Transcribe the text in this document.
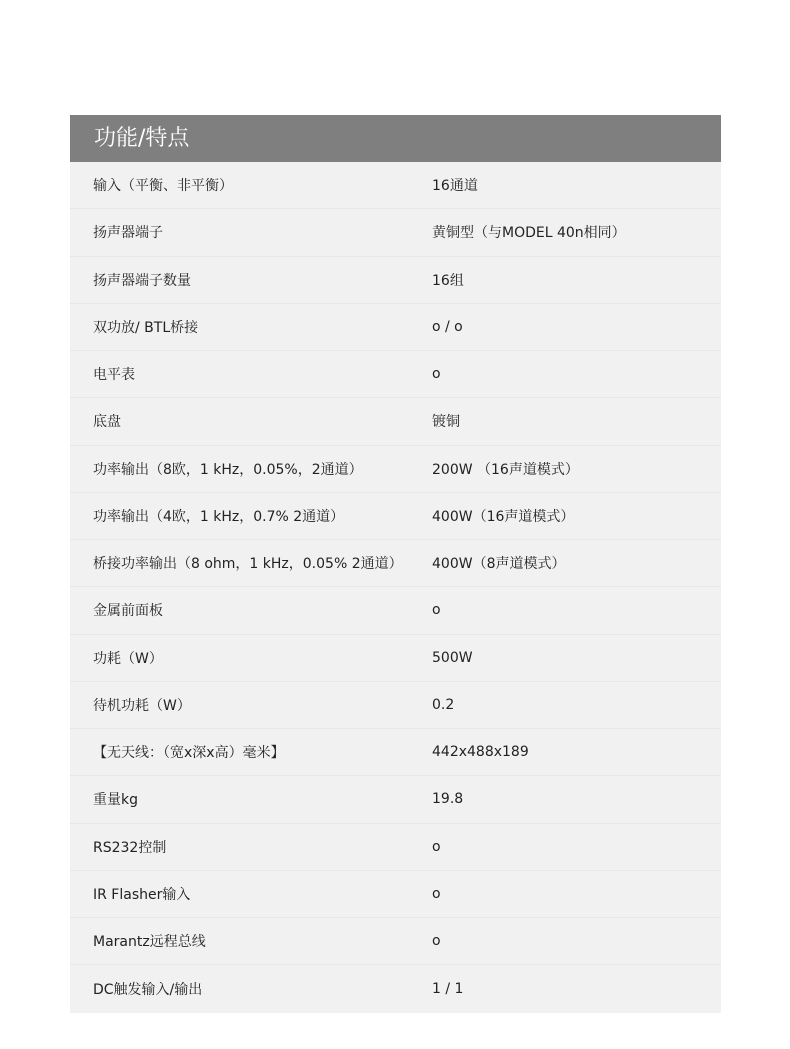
功能/特点
输入（平衡、非平衡）	16通道
扬声器端子	黄铜型（与MODEL 40n相同）
扬声器端子数量	16组
双功放/ BTL桥接	o / o
电平表	o
底盘	镀铜
功率输出（8欧，1 kHz，0.05%，2通道）	200W （16声道模式）
功率输出（4欧，1 kHz，0.7% 2通道）	400W（16声道模式）
桥接功率输出（8 ohm，1 kHz，0.05% 2通道）	400W（8声道模式）
金属前面板	o
功耗（W）	500W
待机功耗（W）	0.2
【无天线：（宽x深x高）毫米】	442x488x189
重量kg	19.8
RS232控制	o
IR Flasher输入	o
Marantz远程总线	o
DC触发输入/输出	1 / 1
